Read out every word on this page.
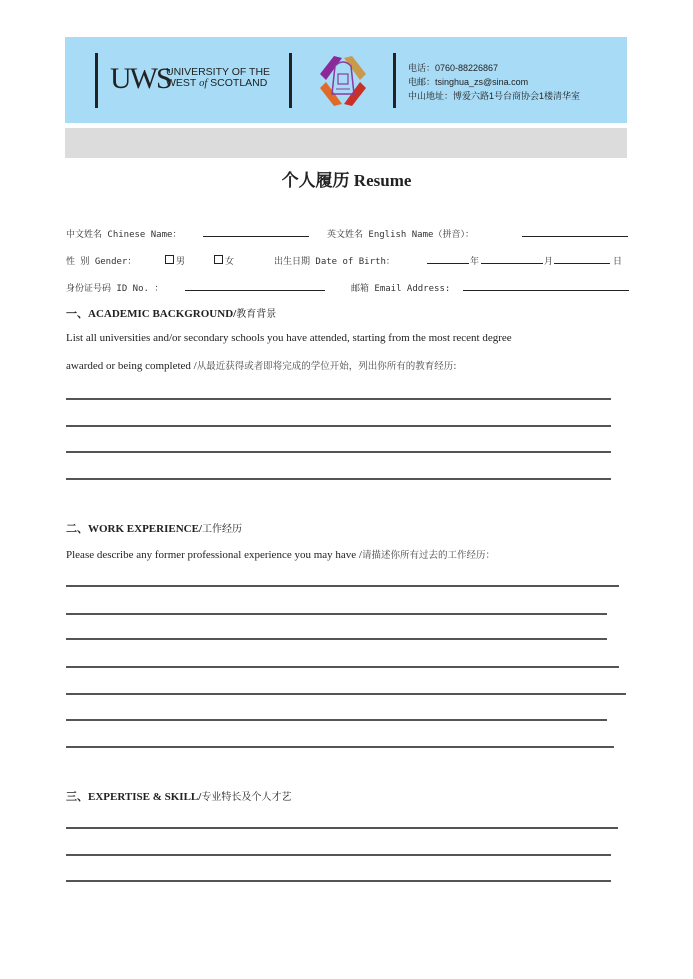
UWS
UNIVERSITY OF THE
WEST of SCOTLAND
电话：0760-88226867
电邮：tsinghua_zs@sina.com
中山地址：博爱六路1号台商协会1楼清华室
个人履历 Resume
中文姓名 Chinese Name：	英文姓名 English Name（拼音）：
性 别 Gender：	男	女	出生日期 Date of Birth：	年	月	日
身份证号码 ID No. ：	邮箱 Email Address:
一、ACADEMIC BACKGROUND/教育背景
List all universities and/or secondary schools you have attended, starting from the most recent degree
awarded or being completed /从最近获得或者即将完成的学位开始，列出你所有的教育经历:
二、WORK EXPERIENCE/工作经历
Please describe any former professional experience you may have /请描述你所有过去的工作经历：
三、EXPERTISE & SKILL/专业特长及个人才艺
